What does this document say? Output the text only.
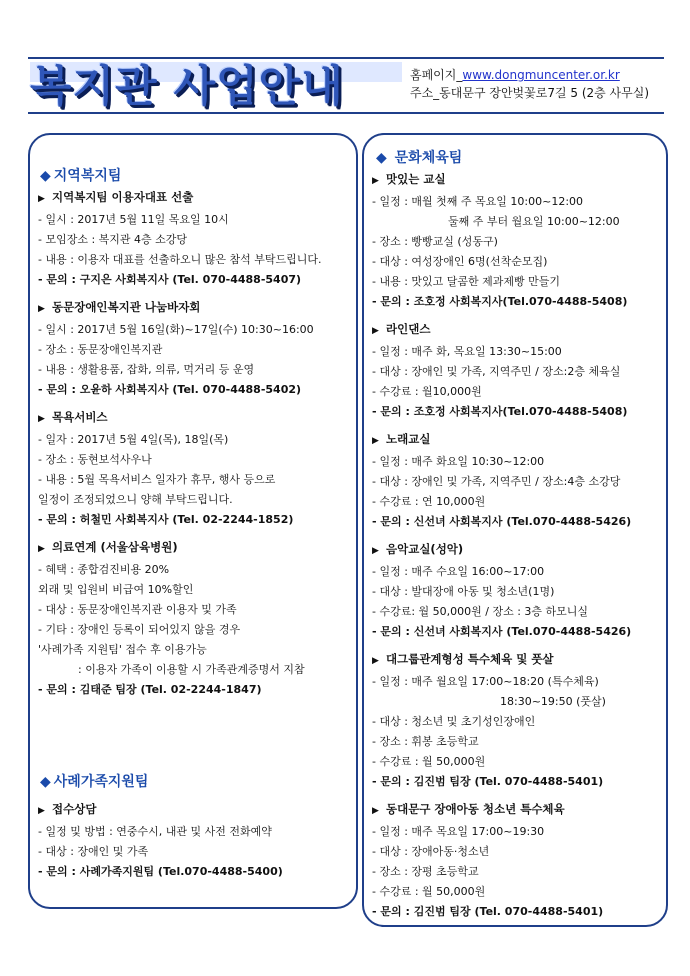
복지관 사업안내	홈페이지_www.dongmuncenter.or.kr
주소_동대문구 장안벚꽃로7길 5 (2층 사무실)
◆ 지역복지팀
▶ 지역복지팀 이용자대표 선출
- 일시 : 2017년 5월 11일 목요일 10시
- 모임장소 : 복지관 4층 소강당
- 내용 : 이용자 대표를 선출하오니 많은 참석 부탁드립니다.
- 문의 : 구지은 사회복지사 (Tel. 070-4488-5407)
▶ 동문장애인복지관 나눔바자회
- 일시 : 2017년 5월 16일(화)~17일(수) 10:30~16:00
- 장소 : 동문장애인복지관
- 내용 : 생활용품, 잡화, 의류, 먹거리 등 운영
- 문의 : 오윤하 사회복지사 (Tel. 070-4488-5402)
▶ 목욕서비스
- 일자 : 2017년 5월 4일(목), 18일(목)
- 장소 : 동현보석사우나
- 내용 : 5월 목욕서비스 일자가 휴무, 행사 등으로
일정이 조정되었으니 양해 부탁드립니다.
- 문의 : 허철민 사회복지사 (Tel. 02-2244-1852)
▶ 의료연계 (서울삼육병원)
- 혜택 : 종합검진비용 20%
외래 및 입원비 비급여 10%할인
- 대상 : 동문장애인복지관 이용자 및 가족
- 기타 : 장애인 등록이 되어있지 않을 경우
'사례가족 지원팀' 접수 후 이용가능
: 이용자 가족이 이용할 시 가족관계증명서 지참
- 문의 : 김태준 팀장 (Tel. 02-2244-1847)
◆ 사례가족지원팀
▶ 접수상담
- 일정 및 방법 : 연중수시, 내관 및 사전 전화예약
- 대상 : 장애인 및 가족
- 문의 : 사례가족지원팀 (Tel.070-4488-5400)
◆ 문화체육팀
▶ 맛있는 교실
- 일정 : 매월 첫째 주 목요일 10:00~12:00
둘째 주 부터 월요일 10:00~12:00
- 장소 : 빵빵교실 (성동구)
- 대상 : 여성장애인 6명(선착순모집)
- 내용 : 맛있고 달콤한 제과제빵 만들기
- 문의 : 조호정 사회복지사(Tel.070-4488-5408)
▶ 라인댄스
- 일정 : 매주 화, 목요일 13:30~15:00
- 대상 : 장애인 및 가족, 지역주민 / 장소:2층 체육실
- 수강료 : 월10,000원
- 문의 : 조호정 사회복지사(Tel.070-4488-5408)
▶ 노래교실
- 일정 : 매주 화요일 10:30~12:00
- 대상 : 장애인 및 가족, 지역주민 / 장소:4층 소강당
- 수강료 : 연 10,000원
- 문의 : 신선녀 사회복지사 (Tel.070-4488-5426)
▶ 음악교실(성악)
- 일정 : 매주 수요일 16:00~17:00
- 대상 : 발대장애 아동 및 청소년(1명)
- 수강료: 월 50,000원 / 장소 : 3층 하모니실
- 문의 : 신선녀 사회복지사 (Tel.070-4488-5426)
▶ 대그룹관계형성 특수체육 및 풋살
- 일정 : 매주 월요일 17:00~18:20 (특수체육)
18:30~19:50 (풋살)
- 대상 : 청소년 및 초기성인장애인
- 장소 : 휘봉 초등학교
- 수강료 : 월 50,000원
- 문의 : 김진범 팀장 (Tel. 070-4488-5401)
▶ 동대문구 장애아동 청소년 특수체육
- 일정 : 매주 목요일 17:00~19:30
- 대상 : 장애아동·청소년
- 장소 : 장평 초등학교
- 수강료 : 월 50,000원
- 문의 : 김진범 팀장 (Tel. 070-4488-5401)
